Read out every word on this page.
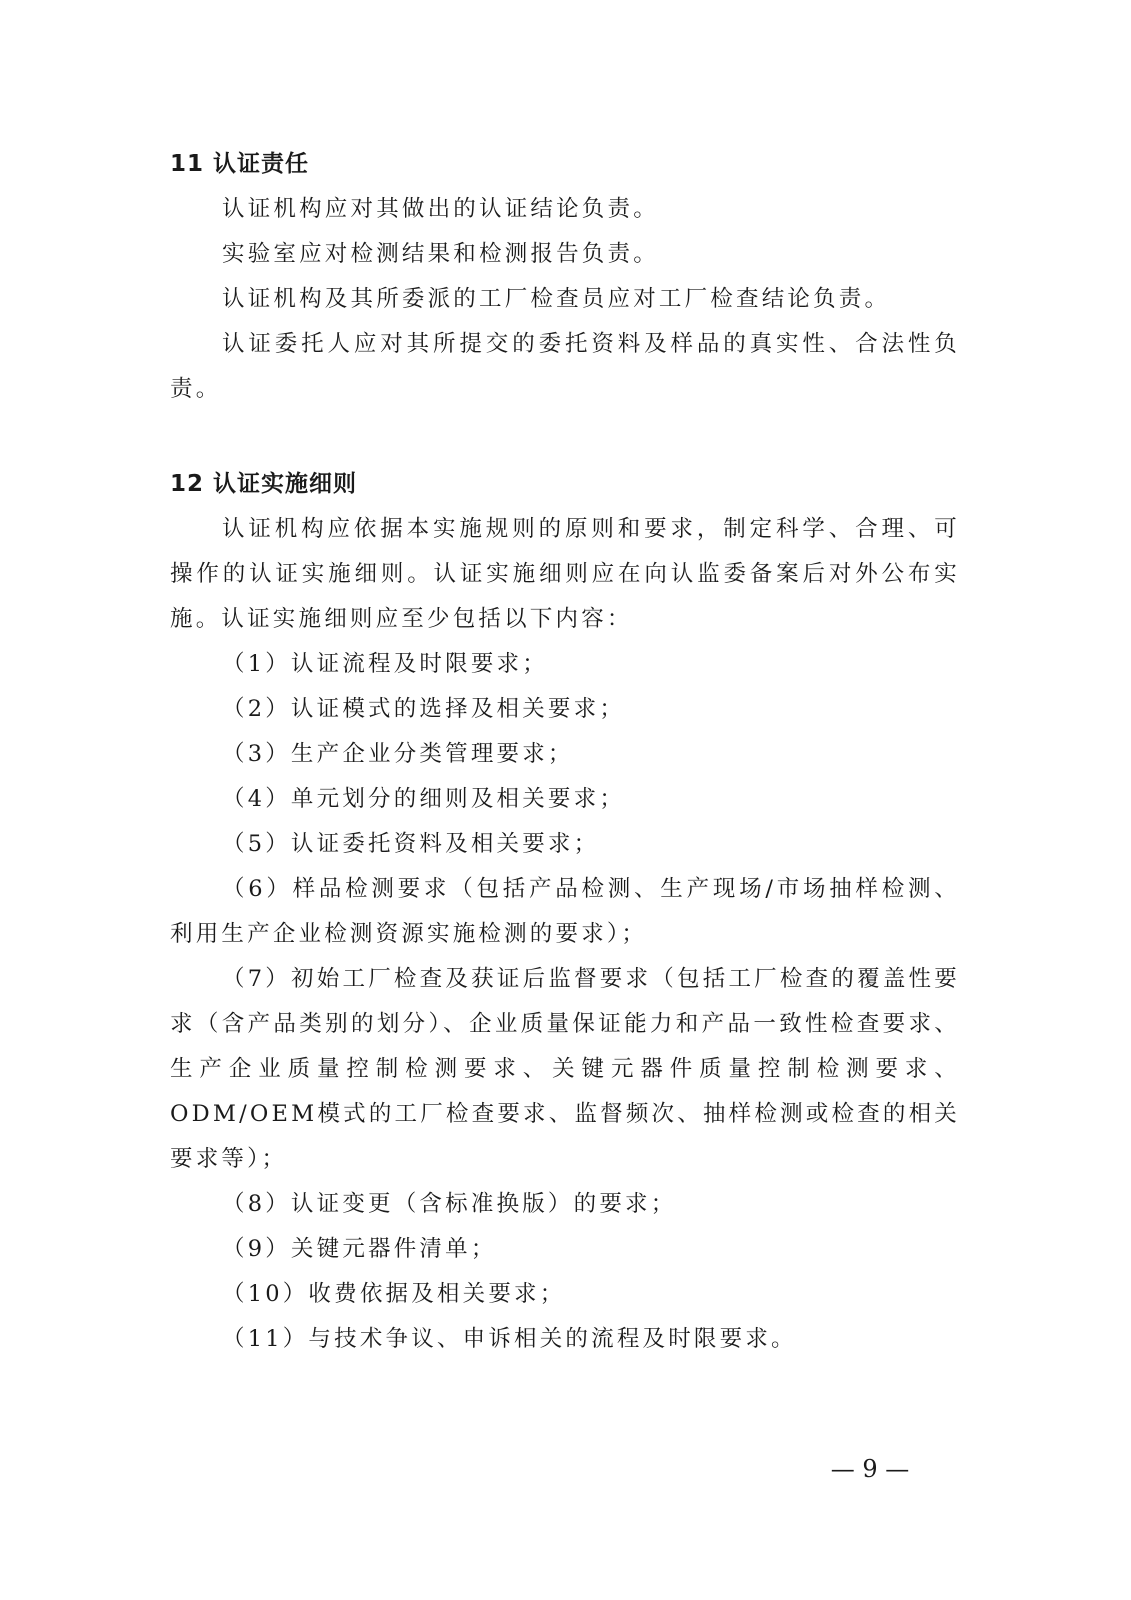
11 认证责任

认证机构应对其做出的认证结论负责。

实验室应对检测结果和检测报告负责。

认证机构及其所委派的工厂检查员应对工厂检查结论负责。

认证委托人应对其所提交的委托资料及样品的真实性、合法性负责。

12 认证实施细则

认证机构应依据本实施规则的原则和要求，制定科学、合理、可操作的认证实施细则。认证实施细则应在向认监委备案后对外公布实施。认证实施细则应至少包括以下内容：

（1）认证流程及时限要求；

（2）认证模式的选择及相关要求；

（3）生产企业分类管理要求；

（4）单元划分的细则及相关要求；

（5）认证委托资料及相关要求；

（6）样品检测要求（包括产品检测、生产现场/市场抽样检测、利用生产企业检测资源实施检测的要求）；

（7）初始工厂检查及获证后监督要求（包括工厂检查的覆盖性要求（含产品类别的划分）、企业质量保证能力和产品一致性检查要求、生产企业质量控制检测要求、关键元器件质量控制检测要求、ODM/OEM模式的工厂检查要求、监督频次、抽样检测或检查的相关要求等）；

（8）认证变更（含标准换版）的要求；

（9）关键元器件清单；

（10）收费依据及相关要求；

（11）与技术争议、申诉相关的流程及时限要求。

— 9 —
